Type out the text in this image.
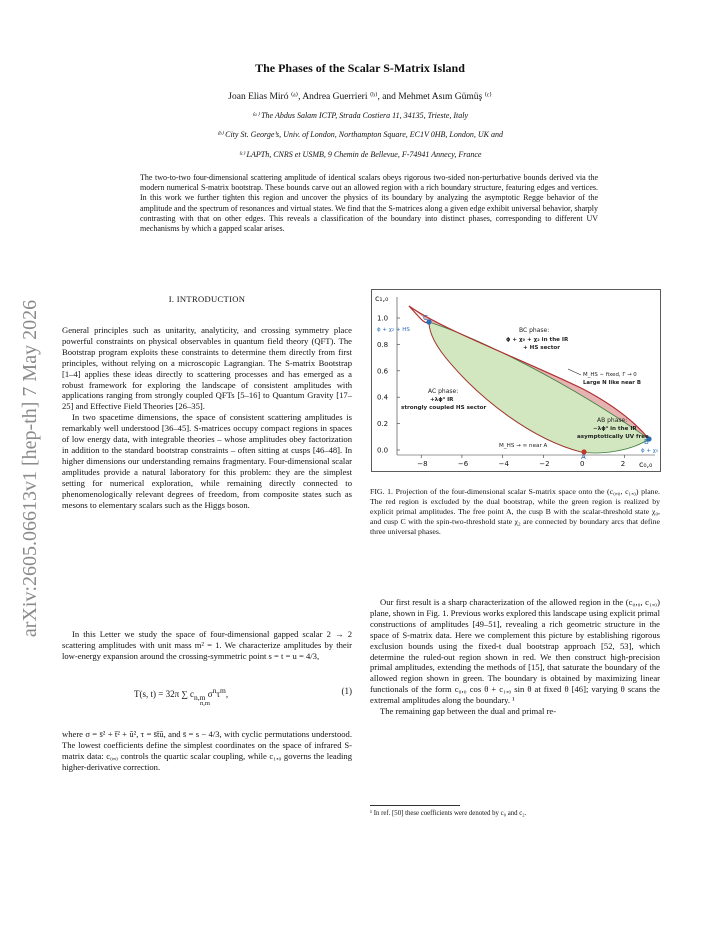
arXiv:2605.06613v1 [hep-th] 7 May 2026
The Phases of the Scalar S-Matrix Island
Joan Elias Miró ⁽ᵃ⁾, Andrea Guerrieri ⁽ᵇ⁾, and Mehmet Asım Gümüş ⁽ᶜ⁾
⁽ᵃ⁾ The Abdus Salam ICTP, Strada Costiera 11, 34135, Trieste, Italy
⁽ᵇ⁾ City St. George’s, Univ. of London, Northampton Square, EC1V 0HB, London, UK and
⁽ᶜ⁾ LAPTh, CNRS et USMB, 9 Chemin de Bellevue, F-74941 Annecy, France
The two-to-two four-dimensional scattering amplitude of identical scalars obeys rigorous two-sided non-perturbative bounds derived via the modern numerical S-matrix bootstrap. These bounds carve out an allowed region with a rich boundary structure, featuring edges and vertices. In this work we further tighten this region and uncover the physics of its boundary by analyzing the asymptotic Regge behavior of the amplitude and the spectrum of resonances and virtual states. We find that the S-matrices along a given edge exhibit universal behavior, sharply contrasting with that on other edges. This reveals a classification of the boundary into distinct phases, corresponding to different UV mechanisms by which a gapped scalar arises.
I. INTRODUCTION

General principles such as unitarity, analyticity, and crossing symmetry place powerful constraints on physical observables in quantum field theory (QFT). The Bootstrap program exploits these constraints to determine them directly from first principles, without relying on a microscopic Lagrangian. The S-matrix Bootstrap [1–4] applies these ideas directly to scattering processes and has emerged as a robust framework for exploring the landscape of consistent amplitudes with applications ranging from strongly coupled QFTs [5–16] to Quantum Gravity [17–25] and Effective Field Theories [26–35].

In two spacetime dimensions, the space of consistent scattering amplitudes is remarkably well understood [36–45]. S-matrices occupy compact regions in spaces of low energy data, with integrable theories – whose amplitudes obey factorization in addition to the standard bootstrap constraints – often sitting at cusps [46–48]. In higher dimensions our understanding remains fragmentary. Four-dimensional scalar amplitudes provide a natural laboratory for this problem: they are the simplest setting for numerical exploration, while remaining directly connected to phenomenologically relevant degrees of freedom, from composite states such as mesons to elementary scalars such as the Higgs boson.

In this Letter we study the space of four-dimensional gapped scalar 2 → 2 scattering amplitudes with unit mass m² = 1. We characterize amplitudes by their low-energy expansion around the crossing-symmetric point s = t = u = 4/3,

T(s, t) = 32π ∑ $c_{n,m}$ $\sigma^n\tau^m$,
n,m
(1)

where σ = s̄² + t̄² + ū², τ = s̄t̄ū, and s̄ = s − 4/3, with cyclic permutations understood. The lowest coefficients define the simplest coordinates on the space of infrared S-matrix data: c₀,₀ controls the quartic scalar coupling, while c₁,₀ governs the leading higher-derivative correction.

−8	−6	−4	−2	0	2
0.0
0.2
0.4
0.6
0.8
1.0
c₁,₀
c₀,₀
C
ϕ + χ₂ + HS
B
ϕ + χ₀
A
BC phase:
ϕ + χ₀ + χ₂ in the IR
+ HS sector
M_HS ∼ fixed, Γ → 0
Large N like near B
AC phase:
+λϕ⁴ IR
strongly coupled HS sector
AB phase:
−λϕ⁴ in the IR
asymptotically UV free
M_HS → ∞ near A
FIG. 1. Projection of the four-dimensional scalar S-matrix space onto the (c₀,₀, c₁,₀) plane. The red region is excluded by the dual bootstrap, while the green region is realized by explicit primal amplitudes. The free point A, the cusp B with the scalar-threshold state χ₀, and cusp C with the spin-two-threshold state χ₂ are connected by boundary arcs that define three universal phases.

Our first result is a sharp characterization of the allowed region in the (c₀,₀, c₁,₀) plane, shown in Fig. 1. Previous works explored this landscape using explicit primal constructions of amplitudes [49–51], revealing a rich geometric structure in the space of S-matrix data. Here we complement this picture by establishing rigorous exclusion bounds using the fixed-t dual bootstrap approach [52, 53], which determine the ruled-out region shown in red. We then construct high-precision primal amplitudes, extending the methods of [15], that saturate the boundary of the allowed region shown in green. The boundary is obtained by maximizing linear functionals of the form c₀,₀ cos θ + c₁,₀ sin θ at fixed θ [46]; varying θ scans the extremal amplitudes along the boundary. ¹

The remaining gap between the dual and primal re-

¹ In ref. [50] these coefficients were denoted by c₀ and c₂.
